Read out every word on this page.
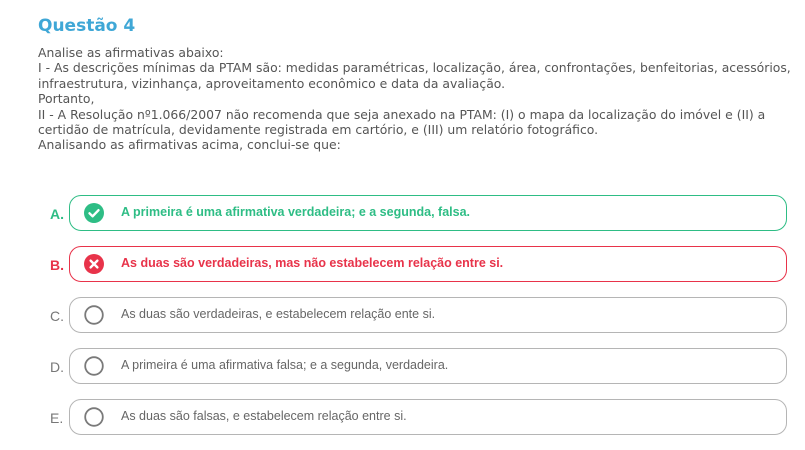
Questão 4
Analise as afirmativas abaixo:
I - As descrições mínimas da PTAM são: medidas paramétricas, localização, área, confrontações, benfeitorias, acessórios, infraestrutura, vizinhança, aproveitamento econômico e data da avaliação.
Portanto,
II - A Resolução nº1.066/2007 não recomenda que seja anexado na PTAM: (I) o mapa da localização do imóvel e (II) a certidão de matrícula, devidamente registrada em cartório, e (III) um relatório fotográfico.
Analisando as afirmativas acima, conclui-se que:
A.	A primeira é uma afirmativa verdadeira; e a segunda, falsa.
B.	As duas são verdadeiras, mas não estabelecem relação entre si.
C.	As duas são verdadeiras, e estabelecem relação ente si.
D.	A primeira é uma afirmativa falsa; e a segunda, verdadeira.
E.	As duas são falsas, e estabelecem relação entre si.
